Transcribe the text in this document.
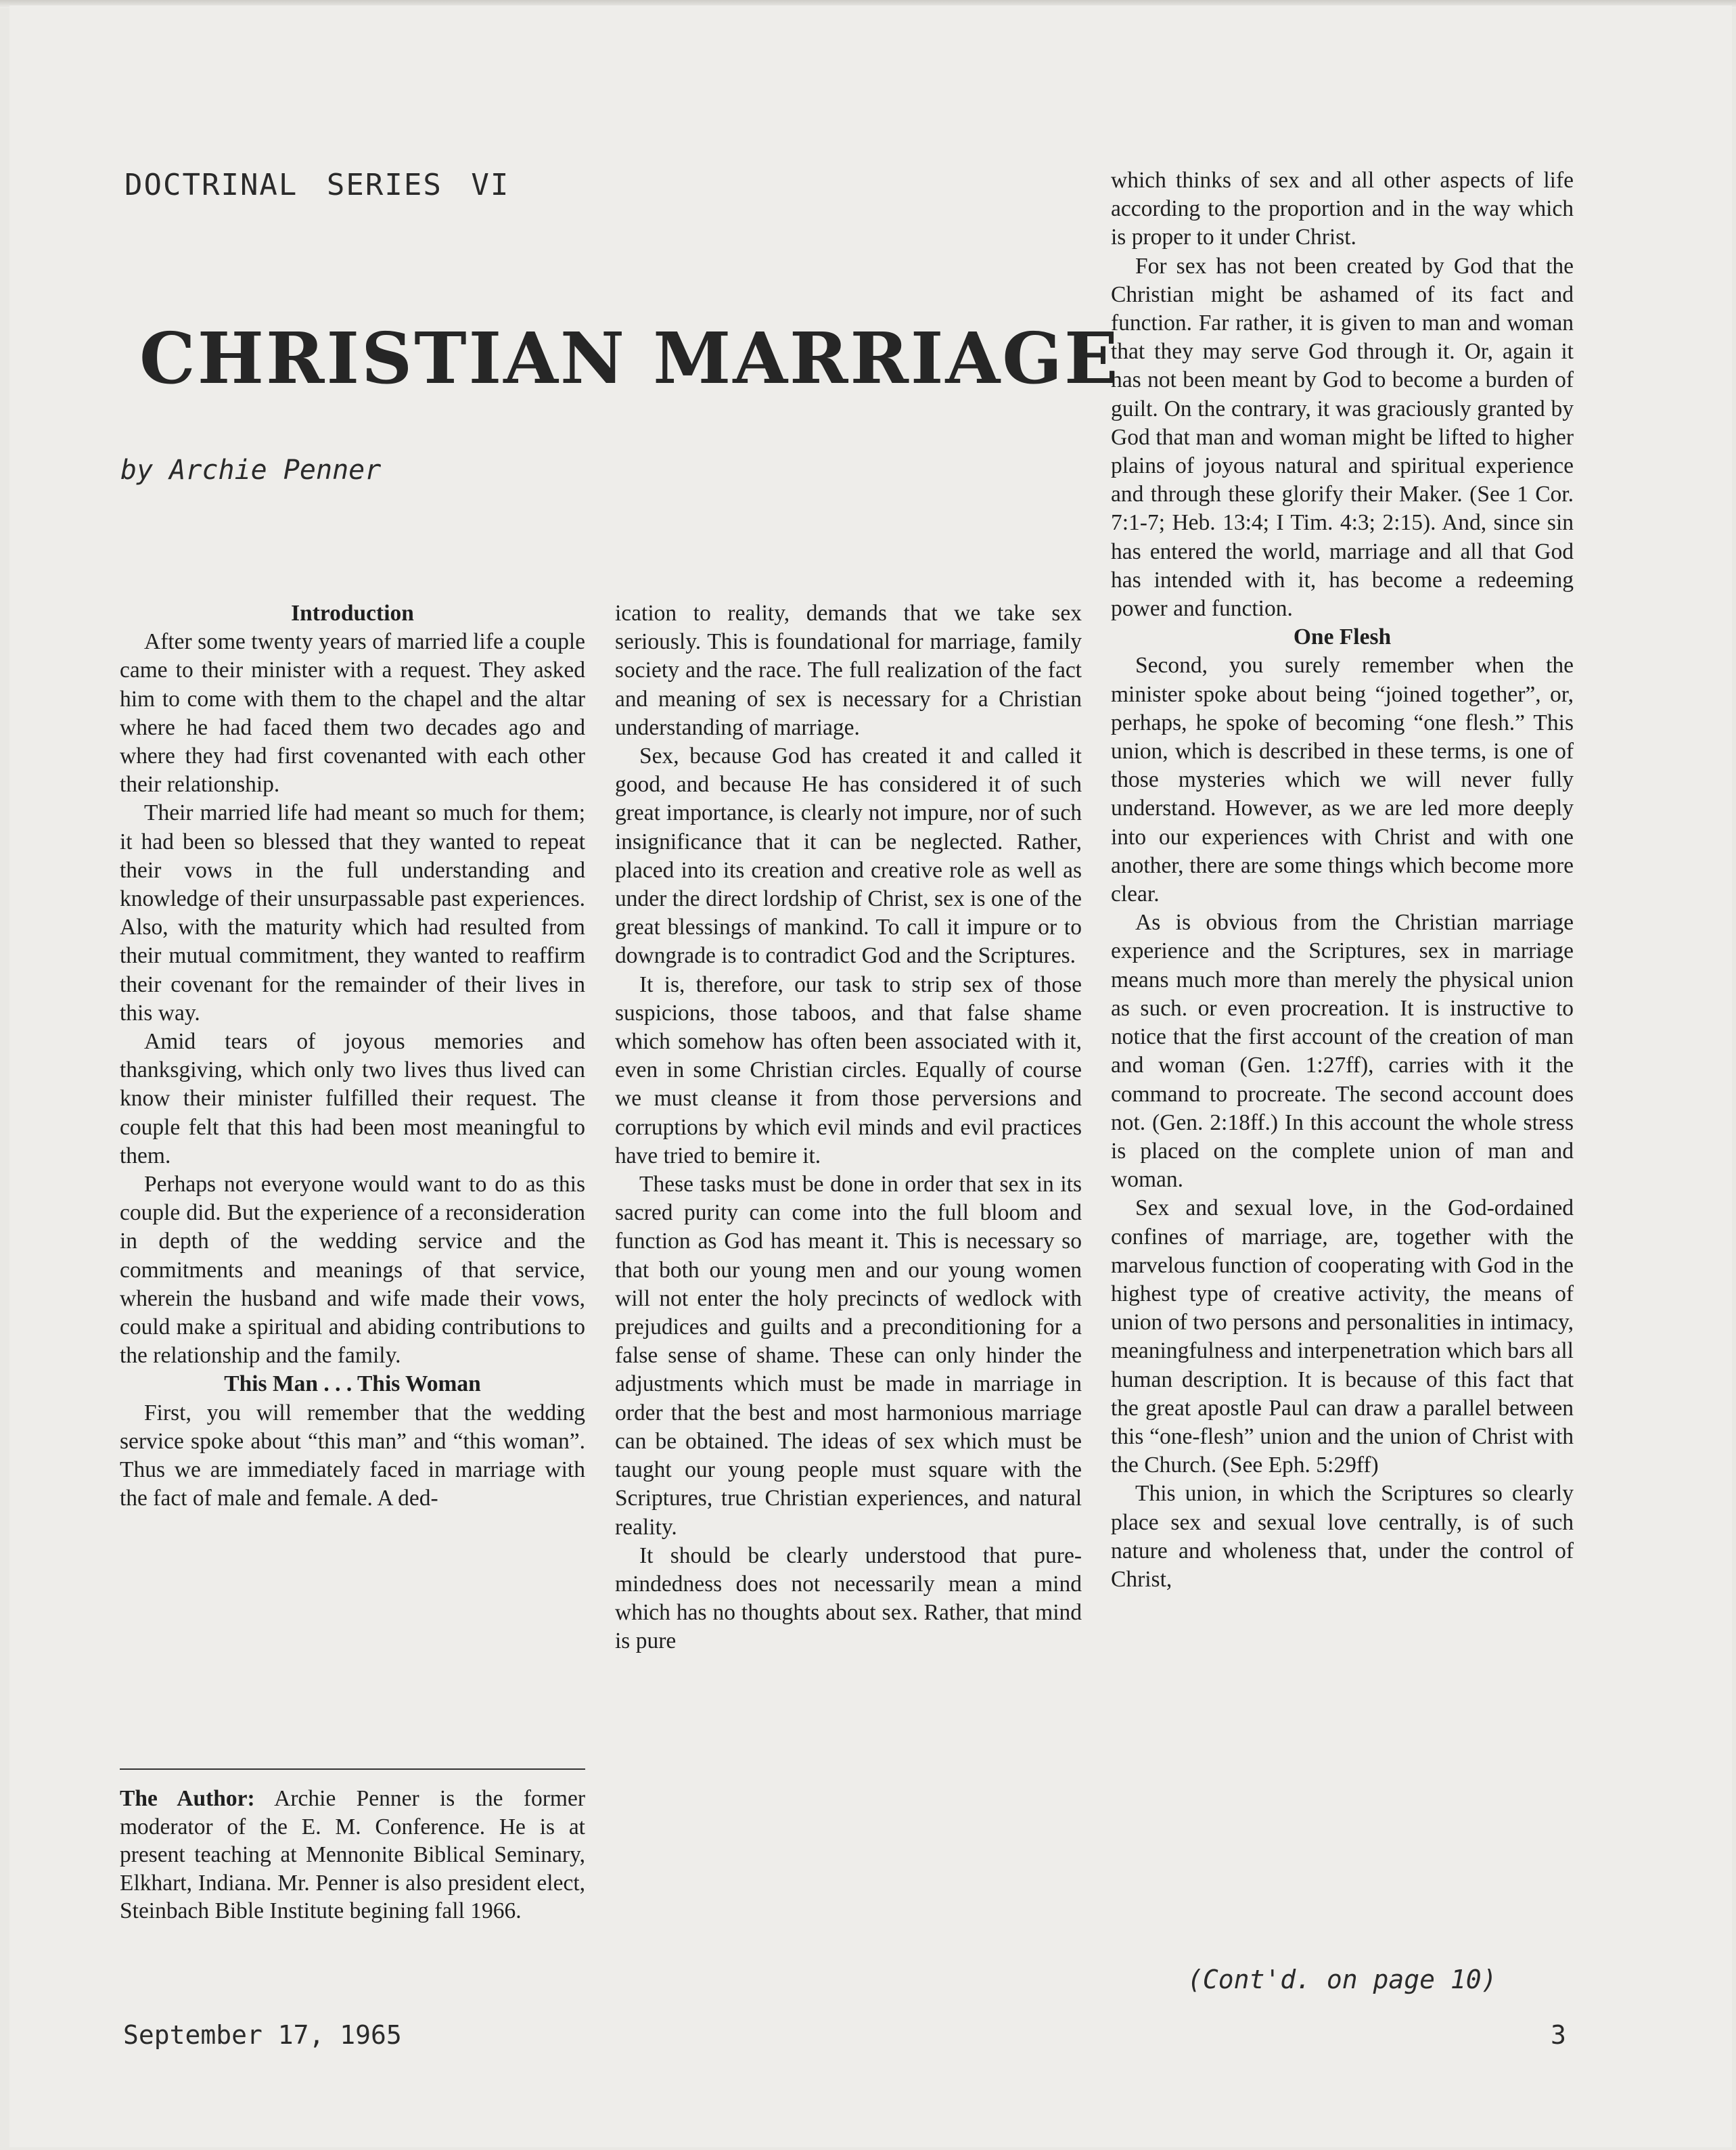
DOCTRINAL SERIES VI
CHRISTIAN MARRIAGE
by Archie Penner
Introduction

After some twenty years of married life a couple came to their minister with a request. They asked him to come with them to the chapel and the altar where he had faced them two decades ago and where they had first covenanted with each other their relationship.

Their married life had meant so much for them; it had been so blessed that they wanted to repeat their vows in the full understanding and knowledge of their unsurpassable past experiences. Also, with the maturity which had resulted from their mutual commitment, they wanted to reaffirm their covenant for the remainder of their lives in this way.

Amid tears of joyous memories and thanksgiving, which only two lives thus lived can know their minister fulfilled their request. The couple felt that this had been most meaningful to them.

Perhaps not everyone would want to do as this couple did. But the experience of a reconsideration in depth of the wedding service and the commitments and meanings of that service, wherein the husband and wife made their vows, could make a spiritual and abiding contributions to the relationship and the family.

This Man . . . This Woman

First, you will remember that the wedding service spoke about “this man” and “this woman”. Thus we are immediately faced in marriage with the fact of male and female. A ded-

The Author: Archie Penner is the former moderator of the E. M. Conference. He is at present teaching at Mennonite Biblical Seminary, Elkhart, Indiana. Mr. Penner is also president elect, Steinbach Bible Institute begining fall 1966.

ication to reality, demands that we take sex seriously. This is foundational for marriage, family society and the race. The full realization of the fact and meaning of sex is necessary for a Christian understanding of marriage.

Sex, because God has created it and called it good, and because He has considered it of such great importance, is clearly not impure, nor of such insignificance that it can be neglected. Rather, placed into its creation and creative role as well as under the direct lordship of Christ, sex is one of the great blessings of mankind. To call it impure or to downgrade is to contradict God and the Scriptures.

It is, therefore, our task to strip sex of those suspicions, those taboos, and that false shame which somehow has often been associated with it, even in some Christian circles. Equally of course we must cleanse it from those perversions and corruptions by which evil minds and evil practices have tried to bemire it.

These tasks must be done in order that sex in its sacred purity can come into the full bloom and function as God has meant it. This is necessary so that both our young men and our young women will not enter the holy precincts of wedlock with prejudices and guilts and a preconditioning for a false sense of shame. These can only hinder the adjustments which must be made in marriage in order that the best and most harmonious marriage can be obtained. The ideas of sex which must be taught our young people must square with the Scriptures, true Christian experiences, and natural reality.

It should be clearly understood that pure-mindedness does not necessarily mean a mind which has no thoughts about sex. Rather, that mind is pure

which thinks of sex and all other aspects of life according to the proportion and in the way which is proper to it under Christ.

For sex has not been created by God that the Christian might be ashamed of its fact and function. Far rather, it is given to man and woman that they may serve God through it. Or, again it has not been meant by God to become a burden of guilt. On the contrary, it was graciously granted by God that man and woman might be lifted to higher plains of joyous natural and spiritual experience and through these glorify their Maker. (See 1 Cor. 7:1-7; Heb. 13:4; I Tim. 4:3; 2:15). And, since sin has entered the world, marriage and all that God has intended with it, has become a redeeming power and function.

One Flesh

Second, you surely remember when the minister spoke about being “joined together”, or, perhaps, he spoke of becoming “one flesh.” This union, which is described in these terms, is one of those mysteries which we will never fully understand. However, as we are led more deeply into our experiences with Christ and with one another, there are some things which become more clear.

As is obvious from the Christian marriage experience and the Scriptures, sex in marriage means much more than merely the physical union as such. or even procreation. It is instructive to notice that the first account of the creation of man and woman (Gen. 1:27ff), carries with it the command to procreate. The second account does not. (Gen. 2:18ff.) In this account the whole stress is placed on the complete union of man and woman.

Sex and sexual love, in the God-ordained confines of marriage, are, together with the marvelous function of cooperating with God in the highest type of creative activity, the means of union of two persons and personalities in intimacy, meaningfulness and interpenetration which bars all human description. It is because of this fact that the great apostle Paul can draw a parallel between this “one-flesh” union and the union of Christ with the Church. (See Eph. 5:29ff)

This union, in which the Scriptures so clearly place sex and sexual love centrally, is of such nature and wholeness that, under the control of Christ,

(Cont'd. on page 10)
September 17, 1965	3
